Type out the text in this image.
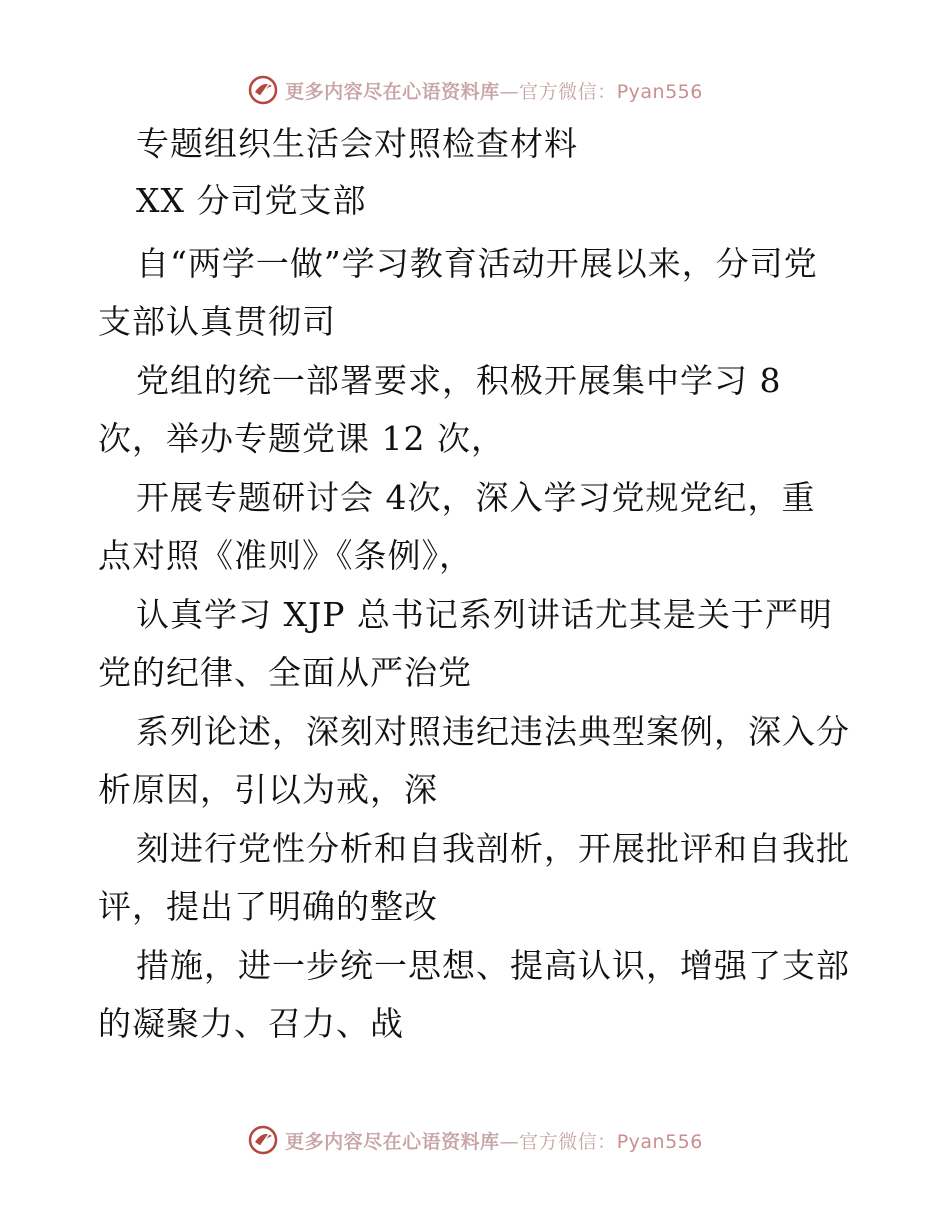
更多内容尽在心语资料库—官方微信：Pyan556
专题组织生活会对照检查材料
XX 分司党支部
自“两学一做”学习教育活动开展以来，分司党
支部认真贯彻司
党组的统一部署要求，积极开展集中学习 8
次，举办专题党课 12 次，
开展专题研讨会 4次，深入学习党规党纪，重
点对照《准则》《条例》，
认真学习 XJP 总书记系列讲话尤其是关于严明
党的纪律、全面从严治党
系列论述，深刻对照违纪违法典型案例，深入分
析原因，引以为戒，深
刻进行党性分析和自我剖析，开展批评和自我批
评，提出了明确的整改
措施，进一步统一思想、提高认识，增强了支部
的凝聚力、召力、战
更多内容尽在心语资料库—官方微信：Pyan556
